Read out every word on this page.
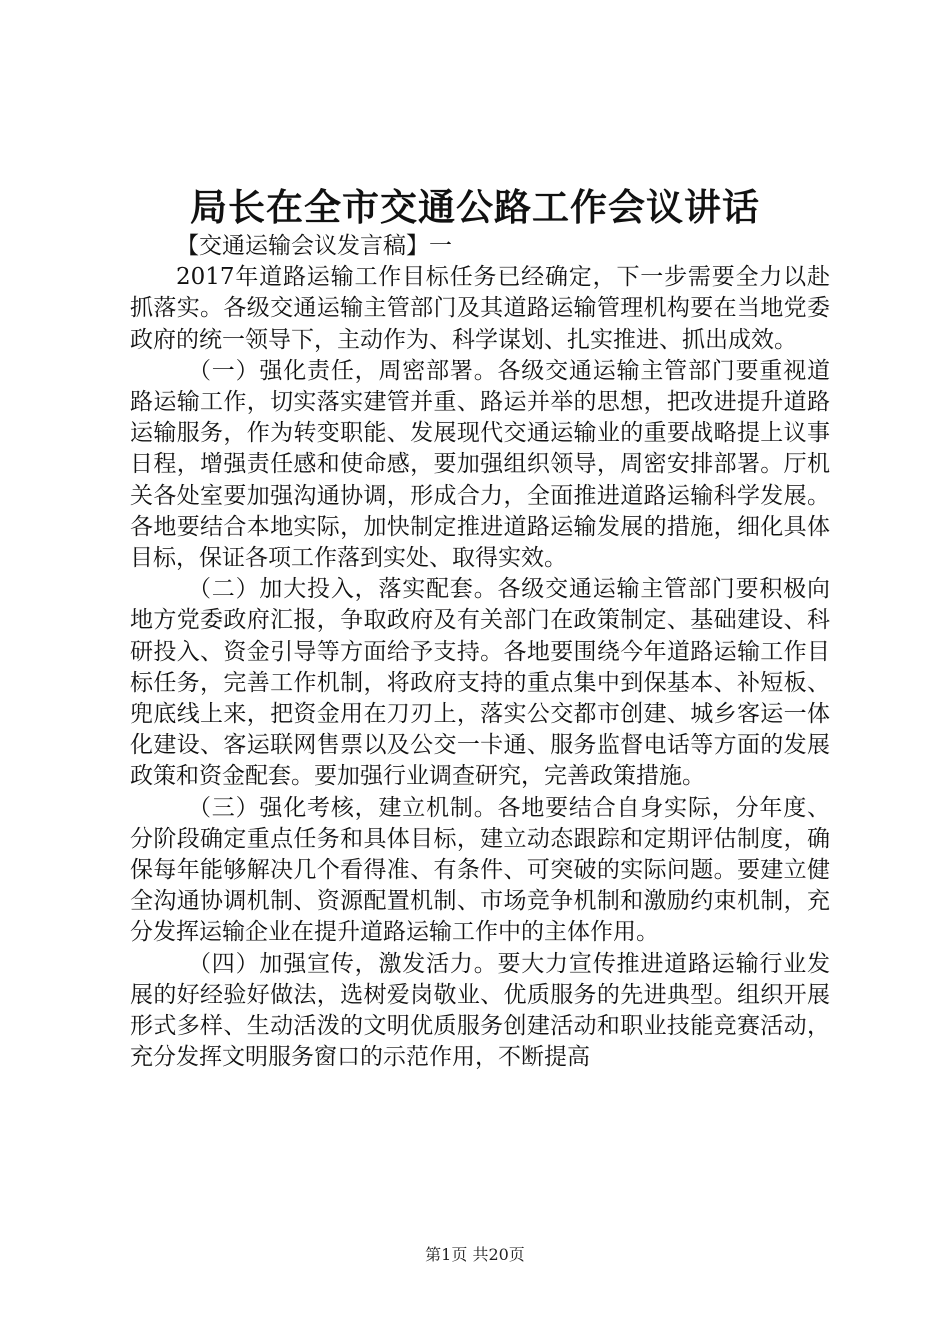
局长在全市交通公路工作会议讲话

【交通运输会议发言稿】一

2017年道路运输工作目标任务已经确定，下一步需要全力以赴抓落实。各级交通运输主管部门及其道路运输管理机构要在当地党委政府的统一领导下，主动作为、科学谋划、扎实推进、抓出成效。

（一）强化责任，周密部署。各级交通运输主管部门要重视道路运输工作，切实落实建管并重、路运并举的思想，把改进提升道路运输服务，作为转变职能、发展现代交通运输业的重要战略提上议事日程，增强责任感和使命感，要加强组织领导，周密安排部署。厅机关各处室要加强沟通协调，形成合力，全面推进道路运输科学发展。各地要结合本地实际，加快制定推进道路运输发展的措施，细化具体目标，保证各项工作落到实处、取得实效。

（二）加大投入，落实配套。各级交通运输主管部门要积极向地方党委政府汇报，争取政府及有关部门在政策制定、基础建设、科研投入、资金引导等方面给予支持。各地要围绕今年道路运输工作目标任务，完善工作机制，将政府支持的重点集中到保基本、补短板、兜底线上来，把资金用在刀刃上，落实公交都市创建、城乡客运一体化建设、客运联网售票以及公交一卡通、服务监督电话等方面的发展政策和资金配套。要加强行业调查研究，完善政策措施。

（三）强化考核，建立机制。各地要结合自身实际，分年度、分阶段确定重点任务和具体目标，建立动态跟踪和定期评估制度，确保每年能够解决几个看得准、有条件、可突破的实际问题。要建立健全沟通协调机制、资源配置机制、市场竞争机制和激励约束机制，充分发挥运输企业在提升道路运输工作中的主体作用。

（四）加强宣传，激发活力。要大力宣传推进道路运输行业发展的好经验好做法，选树爱岗敬业、优质服务的先进典型。组织开展形式多样、生动活泼的文明优质服务创建活动和职业技能竞赛活动，充分发挥文明服务窗口的示范作用，不断提高

第1页 共20页
